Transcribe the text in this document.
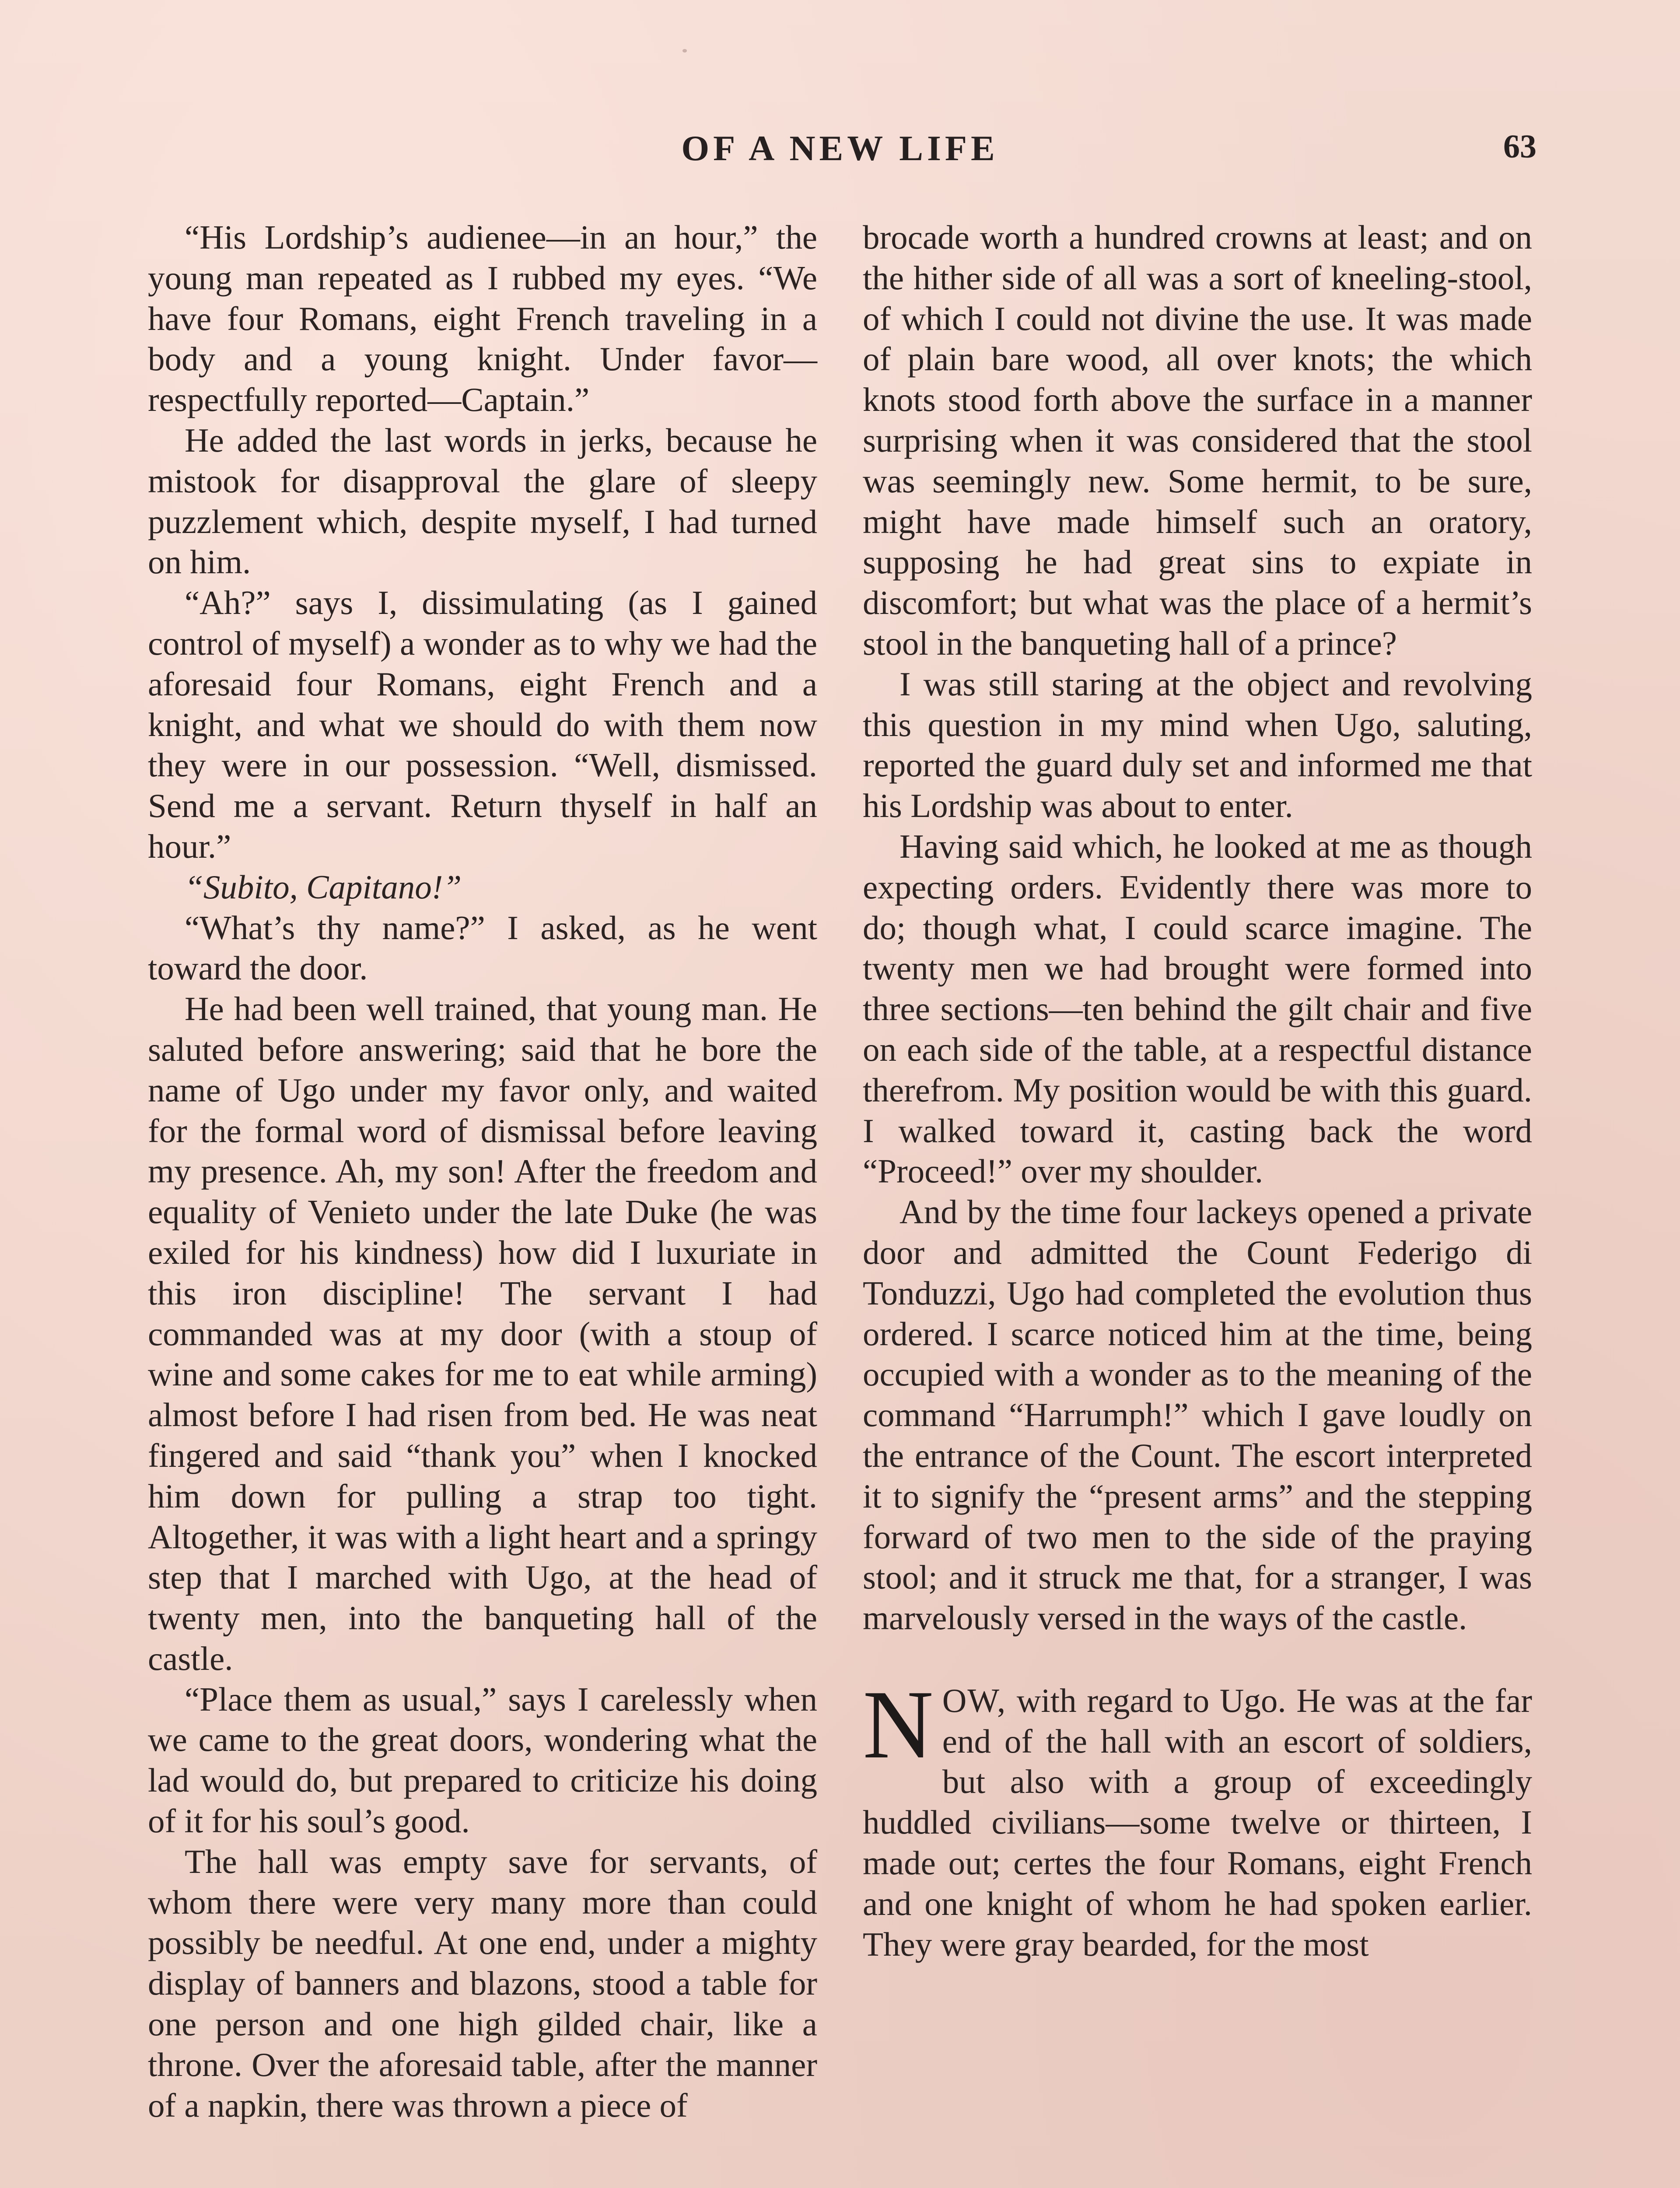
OF A NEW LIFE	63

“His Lordship’s audienee—in an hour,” the young man repeated as I rubbed my eyes. “We have four Romans, eight French traveling in a body and a young knight. Under favor—respectfully reported—Captain.”

He added the last words in jerks, because he mistook for disapproval the glare of sleepy puzzlement which, despite myself, I had turned on him.

“Ah?” says I, dissimulating (as I gained control of myself) a wonder as to why we had the aforesaid four Romans, eight French and a knight, and what we should do with them now they were in our possession. “Well, dismissed. Send me a servant. Return thyself in half an hour.”

“Subito, Capitano!”

“What’s thy name?” I asked, as he went toward the door.

He had been well trained, that young man. He saluted before answering; said that he bore the name of Ugo under my favor only, and waited for the formal word of dismissal before leaving my presence. Ah, my son! After the freedom and equality of Venieto under the late Duke (he was exiled for his kindness) how did I luxuriate in this iron discipline! The servant I had commanded was at my door (with a stoup of wine and some cakes for me to eat while arming) almost before I had risen from bed. He was neat fingered and said “thank you” when I knocked him down for pulling a strap too tight. Altogether, it was with a light heart and a springy step that I marched with Ugo, at the head of twenty men, into the banqueting hall of the castle.

“Place them as usual,” says I carelessly when we came to the great doors, wondering what the lad would do, but prepared to criticize his doing of it for his soul’s good.

The hall was empty save for servants, of whom there were very many more than could possibly be needful. At one end, under a mighty display of banners and blazons, stood a table for one person and one high gilded chair, like a throne. Over the aforesaid table, after the manner of a napkin, there was thrown a piece of

brocade worth a hundred crowns at least; and on the hither side of all was a sort of kneeling-stool, of which I could not divine the use. It was made of plain bare wood, all over knots; the which knots stood forth above the surface in a manner surprising when it was considered that the stool was seemingly new. Some hermit, to be sure, might have made himself such an oratory, supposing he had great sins to expiate in discomfort; but what was the place of a hermit’s stool in the banqueting hall of a prince?

I was still staring at the object and revolving this question in my mind when Ugo, saluting, reported the guard duly set and informed me that his Lordship was about to enter.

Having said which, he looked at me as though expecting orders. Evidently there was more to do; though what, I could scarce imagine. The twenty men we had brought were formed into three sections—ten behind the gilt chair and five on each side of the table, at a respectful distance therefrom. My position would be with this guard. I walked toward it, casting back the word “Proceed!” over my shoulder.

And by the time four lackeys opened a private door and admitted the Count Federigo di Tonduzzi, Ugo had completed the evolution thus ordered. I scarce noticed him at the time, being occupied with a wonder as to the meaning of the command “Harrumph!” which I gave loudly on the entrance of the Count. The escort interpreted it to signify the “present arms” and the stepping forward of two men to the side of the praying stool; and it struck me that, for a stranger, I was marvelously versed in the ways of the castle.

NOW, with regard to Ugo. He was at the far end of the hall with an escort of soldiers, but also with a group of exceedingly huddled civilians—some twelve or thirteen, I made out; certes the four Romans, eight French and one knight of whom he had spoken earlier. They were gray bearded, for the most
